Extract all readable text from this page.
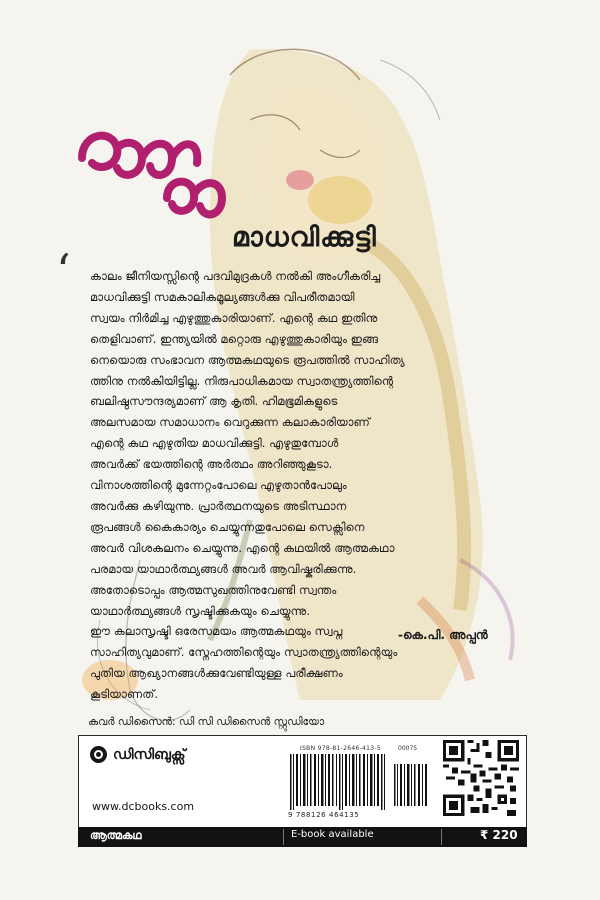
മാധവിക്കുട്ടി
‘ കാലം ജീനിയസ്സിന്റെ പദവിമുദ്രകൾ നൽകി അംഗീകരിച്ച

മാധവിക്കുട്ടി സമകാലികമൂല്യങ്ങൾക്കു വിപരീതമായി

സ്വയം നിർമിച്ച എഴുത്തുകാരിയാണ്. എന്റെ കഥ ഇതിനു

തെളിവാണ്. ഇന്ത്യയിൽ മറ്റൊരു എഴുത്തുകാരിയും ഇങ്ങ

നെയൊരു സംഭാവന ആത്മകഥയുടെ രൂപത്തിൽ സാഹിത്യ

ത്തിനു നൽകിയിട്ടില്ല. നിരുപാധികമായ സ്വാതന്ത്ര്യത്തിന്റെ

ബലിഷ്ഠസൗന്ദര്യമാണ് ആ കൃതി. ഹിമഭൂമികളുടെ

അലസമായ സമാധാനം വെറുക്കുന്ന കലാകാരിയാണ്

എന്റെ കഥ എഴുതിയ മാധവിക്കുട്ടി. എഴുതുമ്പോൾ

അവർക്ക് ഭയത്തിന്റെ അർത്ഥം അറിഞ്ഞുകൂടാ.

വിനാശത്തിന്റെ മുന്നേറ്റംപോലെ എഴുതാൻപോലും

അവർക്കു കഴിയുന്നു. പ്രാർത്ഥനയുടെ അടിസ്ഥാന

രൂപങ്ങൾ കൈകാര്യം ചെയ്യുന്നതുപോലെ സെക്സിനെ

അവർ വിശകലനം ചെയ്യുന്നു. എന്റെ കഥയിൽ ആത്മകഥാ

പരമായ യാഥാർത്ഥ്യങ്ങൾ അവർ ആവിഷ്കരിക്കുന്നു.

അതോടൊപ്പം ആത്മസുഖത്തിനുവേണ്ടി സ്വന്തം

യാഥാർത്ഥ്യങ്ങൾ സൃഷ്ടിക്കുകയും ചെയ്യുന്നു.

ഈ കലാസൃഷ്ടി ഒരേസമയം ആത്മകഥയും സ്വപ്ന

സാഹിത്യവുമാണ്. സ്നേഹത്തിന്റെയും സ്വാതന്ത്ര്യത്തിന്റെയും

പുതിയ ആഖ്യാനങ്ങൾക്കുവേണ്ടിയുള്ള പരീക്ഷണം

കൂടിയാണത്.

-കെ.പി. അപ്പൻ
കവർ ഡിസൈൻ: ഡി സി ഡിസൈൻ സ്റ്റുഡിയോ
ഡിസിബുക്സ്
www.dcbooks.com
ISBN 978-81-2646-413-5	00075
9 788126 464135
ആത്മകഥ	E-book available	₹ 220
